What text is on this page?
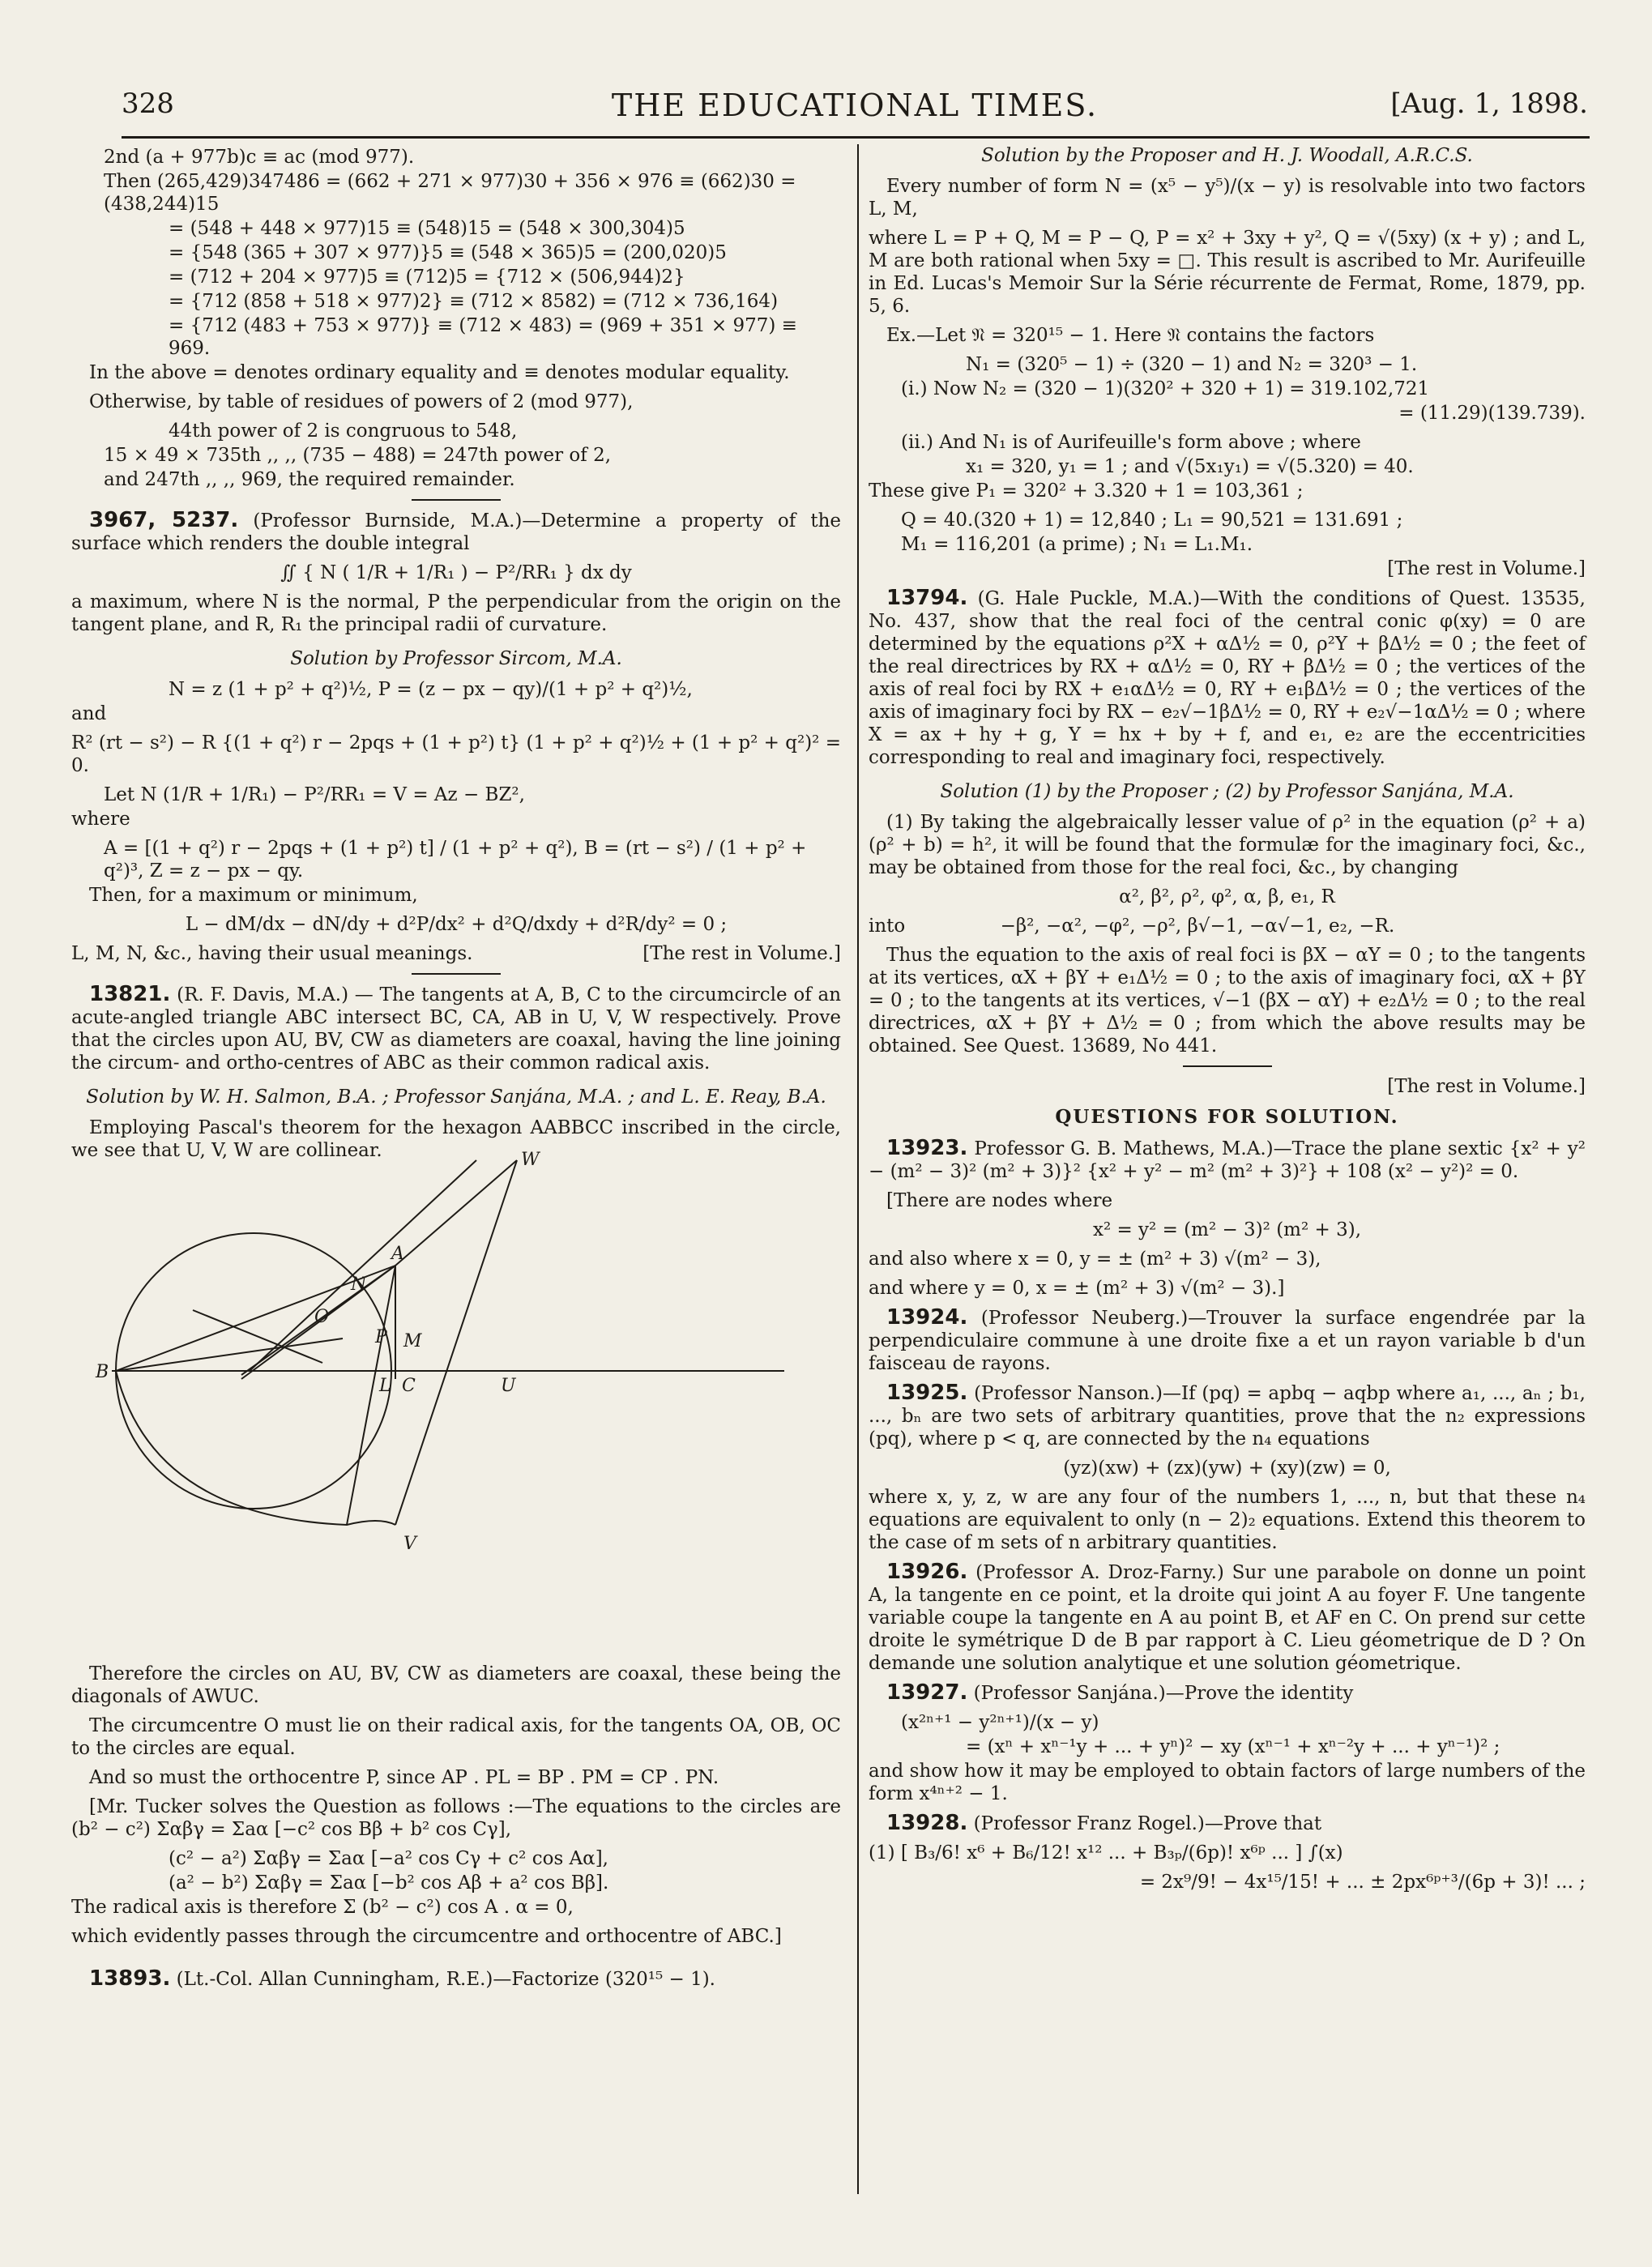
328	THE EDUCATIONAL TIMES.	[Aug. 1, 1898.

2nd (a + 977b)c ≡ ac (mod 977).

Then (265,429)347486 = (662 + 271 × 977)30 + 356 × 976 ≡ (662)30 = (438,244)15

= (548 + 448 × 977)15 ≡ (548)15 = (548 × 300,304)5

= {548 (365 + 307 × 977)}5 ≡ (548 × 365)5 = (200,020)5

= (712 + 204 × 977)5 ≡ (712)5 = {712 × (506,944)2}

= {712 (858 + 518 × 977)2} ≡ (712 × 8582) = (712 × 736,164)

= {712 (483 + 753 × 977)} ≡ (712 × 483) = (969 + 351 × 977) ≡ 969.

In the above = denotes ordinary equality and ≡ denotes modular equality.

Otherwise, by table of residues of powers of 2 (mod 977),

44th power of 2 is congruous to 548,

15 × 49 × 735th ,, ,, (735 − 488) = 247th power of 2,

and 247th ,, ,, 969, the required remainder.

3967, 5237. (Professor Burnside, M.A.)—Determine a property of the surface which renders the double integral

∬ { N ( 1/R + 1/R₁ ) − P²/RR₁ } dx dy

a maximum, where N is the normal, P the perpendicular from the origin on the tangent plane, and R, R₁ the principal radii of curvature.

Solution by Professor Sircom, M.A.

N = z (1 + p² + q²)½, P = (z − px − qy)/(1 + p² + q²)½,

and

R² (rt − s²) − R {(1 + q²) r − 2pqs + (1 + p²) t} (1 + p² + q²)½ + (1 + p² + q²)² = 0.

Let N (1/R + 1/R₁) − P²/RR₁ = V = Az − BZ²,

where

A = [(1 + q²) r − 2pqs + (1 + p²) t] / (1 + p² + q²), B = (rt − s²) / (1 + p² + q²)³, Z = z − px − qy.

Then, for a maximum or minimum,

L − dM/dx − dN/dy + d²P/dx² + d²Q/dxdy + d²R/dy² = 0 ;

L, M, N, &c., having their usual meanings.	[The rest in Volume.]

13821. (R. F. Davis, M.A.) — The tangents at A, B, C to the circumcircle of an acute-angled triangle ABC intersect BC, CA, AB in U, V, W respectively. Prove that the circles upon AU, BV, CW as diameters are coaxal, having the line joining the circum- and ortho-centres of ABC as their common radical axis.

Solution by W. H. Salmon, B.A. ; Professor Sanjána, M.A. ; and L. E. Reay, B.A.

Employing Pascal's theorem for the hexagon AABBCC inscribed in the circle, we see that U, V, W are collinear.	W
A
N
O
P M
B
L C	U
V

Therefore the circles on AU, BV, CW as diameters are coaxal, these being the diagonals of AWUC.

The circumcentre O must lie on their radical axis, for the tangents OA, OB, OC to the circles are equal.

And so must the orthocentre P, since AP . PL = BP . PM = CP . PN.

[Mr. Tucker solves the Question as follows :—The equations to the circles are (b² − c²) Σαβγ = Σaα [−c² cos Bβ + b² cos Cγ],

(c² − a²) Σαβγ = Σaα [−a² cos Cγ + c² cos Aα],

(a² − b²) Σαβγ = Σaα [−b² cos Aβ + a² cos Bβ].

The radical axis is therefore Σ (b² − c²) cos A . α = 0,

which evidently passes through the circumcentre and orthocentre of ABC.]

13893. (Lt.-Col. Allan Cunningham, R.E.)—Factorize (320¹⁵ − 1).

Solution by the Proposer and H. J. Woodall, A.R.C.S.

Every number of form N = (x⁵ − y⁵)/(x − y) is resolvable into two factors L, M,

where L = P + Q, M = P − Q, P = x² + 3xy + y², Q = √(5xy) (x + y) ; and L, M are both rational when 5xy = □. This result is ascribed to Mr. Aurifeuille in Ed. Lucas's Memoir Sur la Série récurrente de Fermat, Rome, 1879, pp. 5, 6.

Ex.—Let 𝔑 = 320¹⁵ − 1. Here 𝔑 contains the factors

N₁ = (320⁵ − 1) ÷ (320 − 1) and N₂ = 320³ − 1.

(i.) Now N₂ = (320 − 1)(320² + 320 + 1) = 319.102,721

= (11.29)(139.739).

(ii.) And N₁ is of Aurifeuille's form above ; where

x₁ = 320, y₁ = 1 ; and √(5x₁y₁) = √(5.320) = 40.

These give P₁ = 320² + 3.320 + 1 = 103,361 ;

Q = 40.(320 + 1) = 12,840 ; L₁ = 90,521 = 131.691 ;

M₁ = 116,201 (a prime) ; N₁ = L₁.M₁.

[The rest in Volume.]

13794. (G. Hale Puckle, M.A.)—With the conditions of Quest. 13535, No. 437, show that the real foci of the central conic φ(xy) = 0 are determined by the equations ρ²X + αΔ½ = 0, ρ²Y + βΔ½ = 0 ; the feet of the real directrices by RX + αΔ½ = 0, RY + βΔ½ = 0 ; the vertices of the axis of real foci by RX + e₁αΔ½ = 0, RY + e₁βΔ½ = 0 ; the vertices of the axis of imaginary foci by RX − e₂√−1βΔ½ = 0, RY + e₂√−1αΔ½ = 0 ; where X = ax + hy + g, Y = hx + by + f, and e₁, e₂ are the eccentricities corresponding to real and imaginary foci, respectively.

Solution (1) by the Proposer ; (2) by Professor Sanjána, M.A.

(1) By taking the algebraically lesser value of ρ² in the equation (ρ² + a)(ρ² + b) = h², it will be found that the formulæ for the imaginary foci, &c., may be obtained from those for the real foci, &c., by changing

α², β², ρ², φ², α, β, e₁, R

into	−β², −α², −φ², −ρ², β√−1, −α√−1, e₂, −R.

Thus the equation to the axis of real foci is βX − αY = 0 ; to the tangents at its vertices, αX + βY + e₁Δ½ = 0 ; to the axis of imaginary foci, αX + βY = 0 ; to the tangents at its vertices, √−1 (βX − αY) + e₂Δ½ = 0 ; to the real directrices, αX + βY + Δ½ = 0 ; from which the above results may be obtained. See Quest. 13689, No 441.

[The rest in Volume.]

QUESTIONS FOR SOLUTION.

13923. Professor G. B. Mathews, M.A.)—Trace the plane sextic {x² + y² − (m² − 3)² (m² + 3)}² {x² + y² − m² (m² + 3)²} + 108 (x² − y²)² = 0.

[There are nodes where

x² = y² = (m² − 3)² (m² + 3),

and also where x = 0, y = ± (m² + 3) √(m² − 3),

and where y = 0, x = ± (m² + 3) √(m² − 3).]

13924. (Professor Neuberg.)—Trouver la surface engendrée par la perpendiculaire commune à une droite fixe a et un rayon variable b d'un faisceau de rayons.

13925. (Professor Nanson.)—If (pq) = apbq − aqbp where a₁, ..., aₙ ; b₁, ..., bₙ are two sets of arbitrary quantities, prove that the n₂ expressions (pq), where p < q, are connected by the n₄ equations

(yz)(xw) + (zx)(yw) + (xy)(zw) = 0,

where x, y, z, w are any four of the numbers 1, ..., n, but that these n₄ equations are equivalent to only (n − 2)₂ equations. Extend this theorem to the case of m sets of n arbitrary quantities.

13926. (Professor A. Droz-Farny.) Sur une parabole on donne un point A, la tangente en ce point, et la droite qui joint A au foyer F. Une tangente variable coupe la tangente en A au point B, et AF en C. On prend sur cette droite le symétrique D de B par rapport à C. Lieu géometrique de D ? On demande une solution analytique et une solution géometrique.

13927. (Professor Sanjána.)—Prove the identity

(x²ⁿ⁺¹ − y²ⁿ⁺¹)/(x − y)

= (xⁿ + xⁿ⁻¹y + ... + yⁿ)² − xy (xⁿ⁻¹ + xⁿ⁻²y + ... + yⁿ⁻¹)² ;

and show how it may be employed to obtain factors of large numbers of the form x⁴ⁿ⁺² − 1.

13928. (Professor Franz Rogel.)—Prove that

(1) [ B₃/6! x⁶ + B₆/12! x¹² ... + B₃ₚ/(6p)! x⁶ᵖ ... ] ∫(x)

= 2x⁹/9! − 4x¹⁵/15! + ... ± 2px⁶ᵖ⁺³/(6p + 3)! ... ;
